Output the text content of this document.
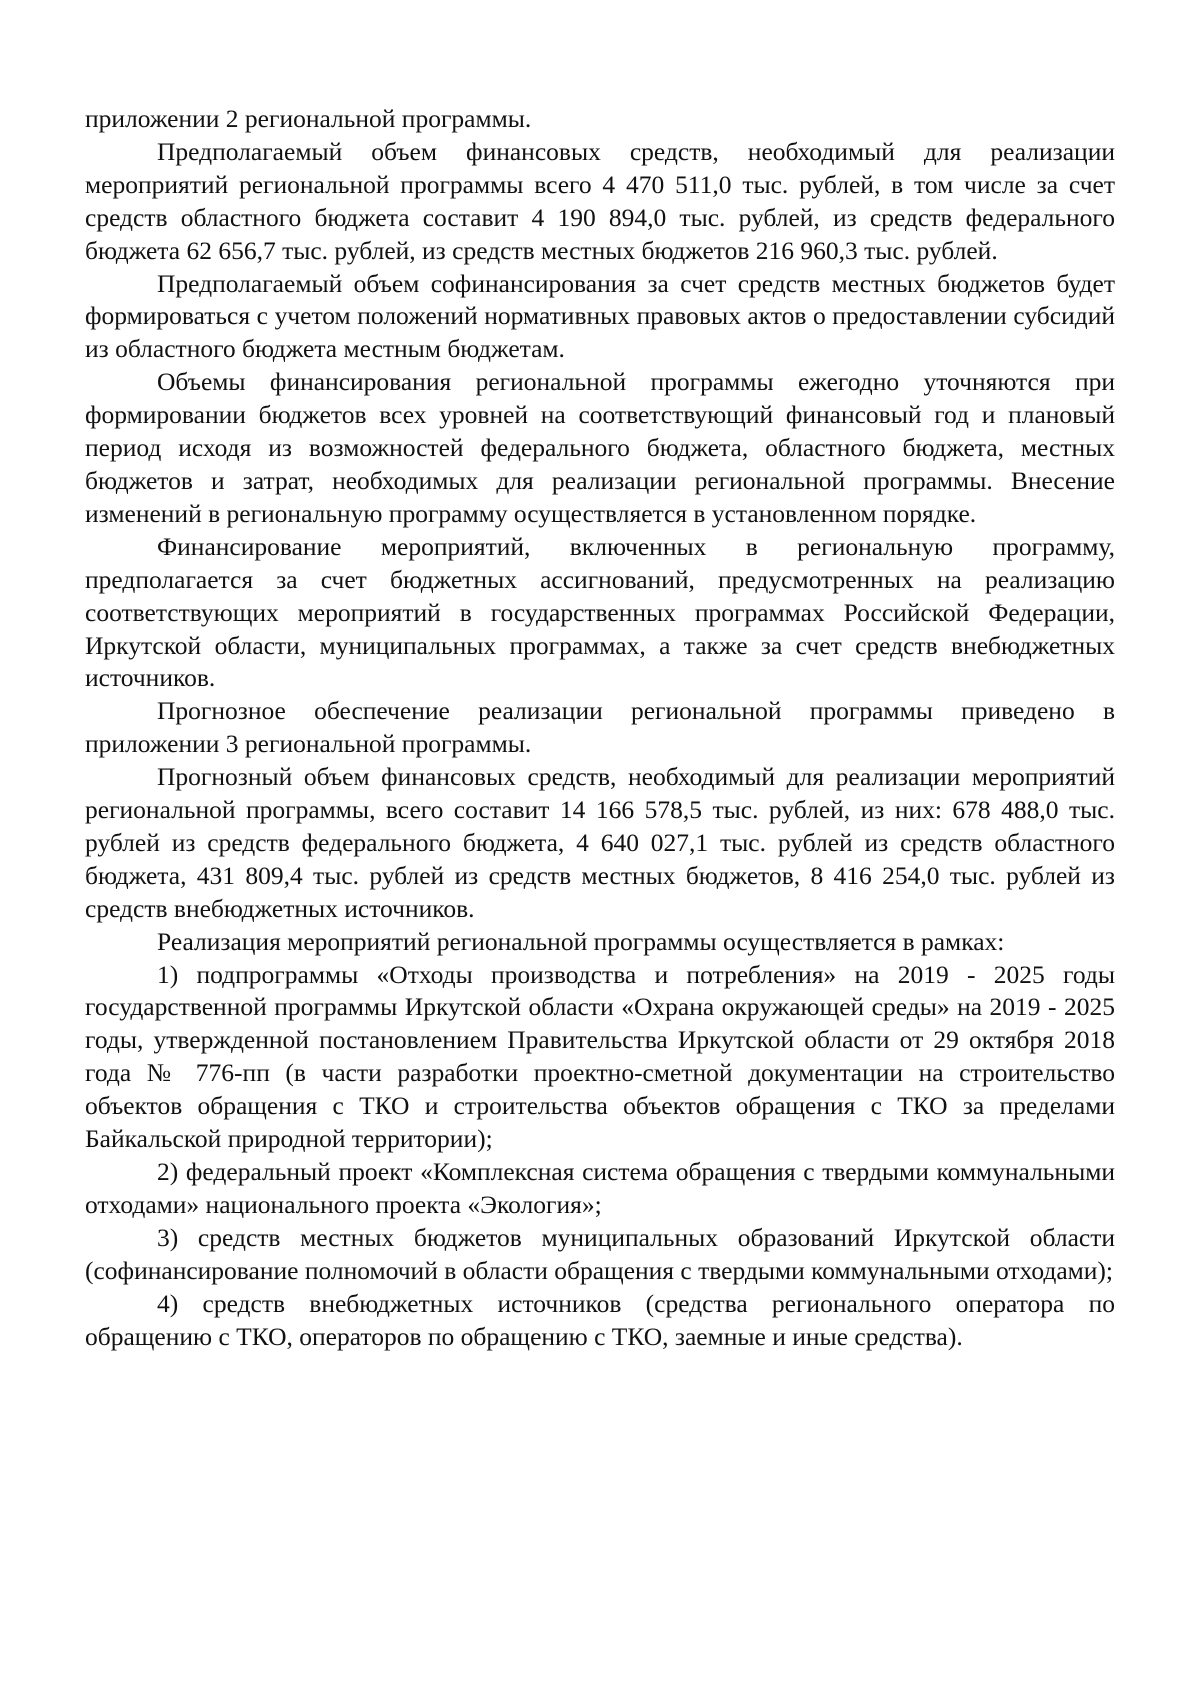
приложении 2 региональной программы.

Предполагаемый объем финансовых средств, необходимый для реализации мероприятий региональной программы всего 4 470 511,0 тыс. рублей, в том числе за счет средств областного бюджета составит 4 190 894,0 тыс. рублей, из средств федерального бюджета 62 656,7 тыс. рублей, из средств местных бюджетов 216 960,3 тыс. рублей.

Предполагаемый объем софинансирования за счет средств местных бюджетов будет формироваться с учетом положений нормативных правовых актов о предоставлении субсидий из областного бюджета местным бюджетам.

Объемы финансирования региональной программы ежегодно уточняются при формировании бюджетов всех уровней на соответствующий финансовый год и плановый период исходя из возможностей федерального бюджета, областного бюджета, местных бюджетов и затрат, необходимых для реализации региональной программы. Внесение изменений в региональную программу осуществляется в установленном порядке.

Финансирование мероприятий, включенных в региональную программу, предполагается за счет бюджетных ассигнований, предусмотренных на реализацию соответствующих мероприятий в государственных программах Российской Федерации, Иркутской области, муниципальных программах, а также за счет средств внебюджетных источников.

Прогнозное обеспечение реализации региональной программы приведено в приложении 3 региональной программы.

Прогнозный объем финансовых средств, необходимый для реализации мероприятий региональной программы, всего составит 14 166 578,5 тыс. рублей, из них: 678 488,0 тыс. рублей из средств федерального бюджета, 4 640 027,1 тыс. рублей из средств областного бюджета, 431 809,4 тыс. рублей из средств местных бюджетов, 8 416 254,0 тыс. рублей из средств внебюджетных источников.

Реализация мероприятий региональной программы осуществляется в рамках:

1) подпрограммы «Отходы производства и потребления» на 2019 - 2025 годы государственной программы Иркутской области «Охрана окружающей среды» на 2019 - 2025 годы, утвержденной постановлением Правительства Иркутской области от 29 октября 2018 года № 776-пп (в части разработки проектно-сметной документации на строительство объектов обращения с ТКО и строительства объектов обращения с ТКО за пределами Байкальской природной территории);

2) федеральный проект «Комплексная система обращения с твердыми коммунальными отходами» национального проекта «Экология»;

3) средств местных бюджетов муниципальных образований Иркутской области (софинансирование полномочий в области обращения с твердыми коммунальными отходами);

4) средств внебюджетных источников (средства регионального оператора по обращению с ТКО, операторов по обращению с ТКО, заемные и иные средства).
